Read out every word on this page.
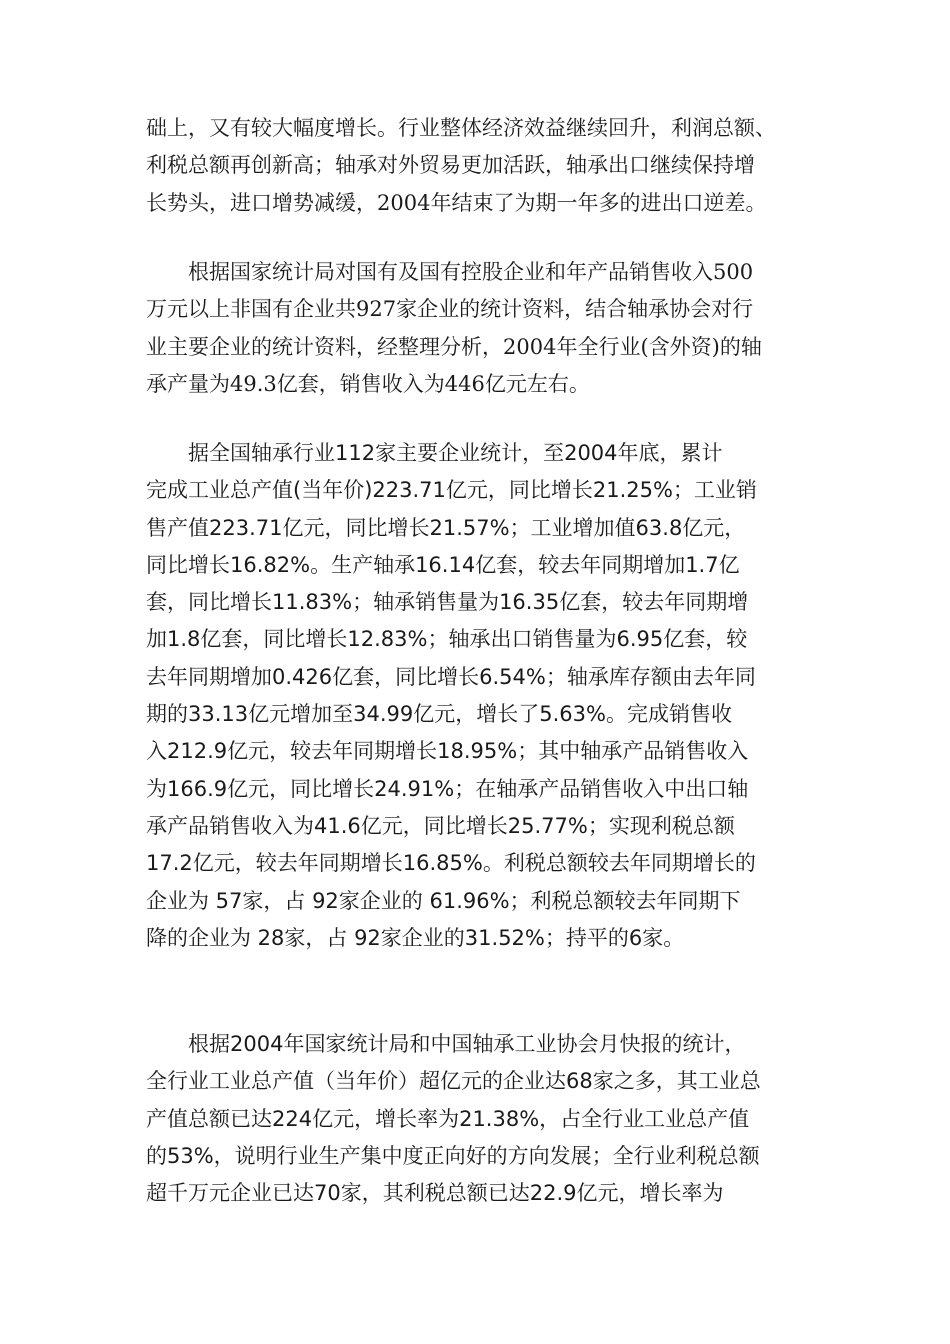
础上，又有较大幅度增长。行业整体经济效益继续回升，利润总额、
利税总额再创新高；轴承对外贸易更加活跃，轴承出口继续保持增
长势头，进口增势减缓，2004年结束了为期一年多的进出口逆差。
　　根据国家统计局对国有及国有控股企业和年产品销售收入500
万元以上非国有企业共927家企业的统计资料，结合轴承协会对行
业主要企业的统计资料，经整理分析，2004年全行业(含外资)的轴
承产量为49.3亿套，销售收入为446亿元左右。
　　据全国轴承行业112家主要企业统计，至2004年底，累计
完成工业总产值(当年价)223.71亿元，同比增长21.25%；工业销
售产值223.71亿元，同比增长21.57%；工业增加值63.8亿元，
同比增长16.82%。生产轴承16.14亿套，较去年同期增加1.7亿
套，同比增长11.83%；轴承销售量为16.35亿套，较去年同期增
加1.8亿套，同比增长12.83%；轴承出口销售量为6.95亿套，较
去年同期增加0.426亿套，同比增长6.54%；轴承库存额由去年同
期的33.13亿元增加至34.99亿元，增长了5.63%。完成销售收
入212.9亿元，较去年同期增长18.95%；其中轴承产品销售收入
为166.9亿元，同比增长24.91%；在轴承产品销售收入中出口轴
承产品销售收入为41.6亿元，同比增长25.77%；实现利税总额
17.2亿元，较去年同期增长16.85%。利税总额较去年同期增长的
企业为 57家，占 92家企业的 61.96%；利税总额较去年同期下
降的企业为 28家，占 92家企业的31.52%；持平的6家。
　　根据2004年国家统计局和中国轴承工业协会月快报的统计，
全行业工业总产值（当年价）超亿元的企业达68家之多，其工业总
产值总额已达224亿元，增长率为21.38%，占全行业工业总产值
的53%，说明行业生产集中度正向好的方向发展；全行业利税总额
超千万元企业已达70家，其利税总额已达22.9亿元，增长率为
